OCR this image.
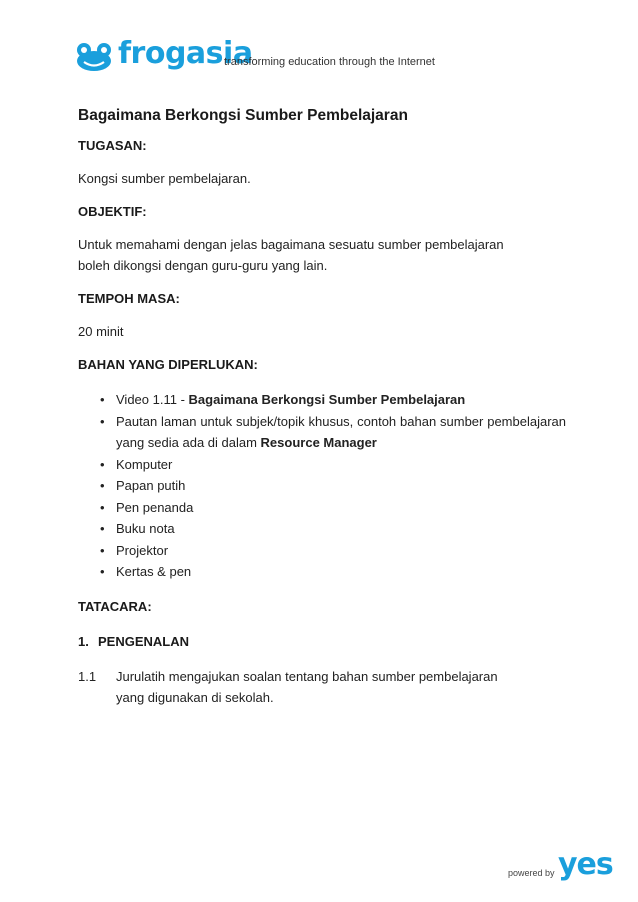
frogasia
transforming education through the Internet
Bagaimana Berkongsi Sumber Pembelajaran
TUGASAN:
Kongsi sumber pembelajaran.
OBJEKTIF:
Untuk memahami dengan jelas bagaimana sesuatu sumber pembelajaran boleh dikongsi dengan guru-guru yang lain.
TEMPOH MASA:
20 minit
BAHAN YANG DIPERLUKAN:
• Video 1.11 - Bagaimana Berkongsi Sumber Pembelajaran
• Pautan laman untuk subjek/topik khusus, contoh bahan sumber pembelajaran yang sedia ada di dalam Resource Manager
• Komputer
• Papan putih
• Pen penanda
• Buku nota
• Projektor
• Kertas & pen
TATACARA:
1. PENGENALAN
1.1	Jurulatih mengajukan soalan tentang bahan sumber pembelajaran yang digunakan di sekolah.
powered by yes
